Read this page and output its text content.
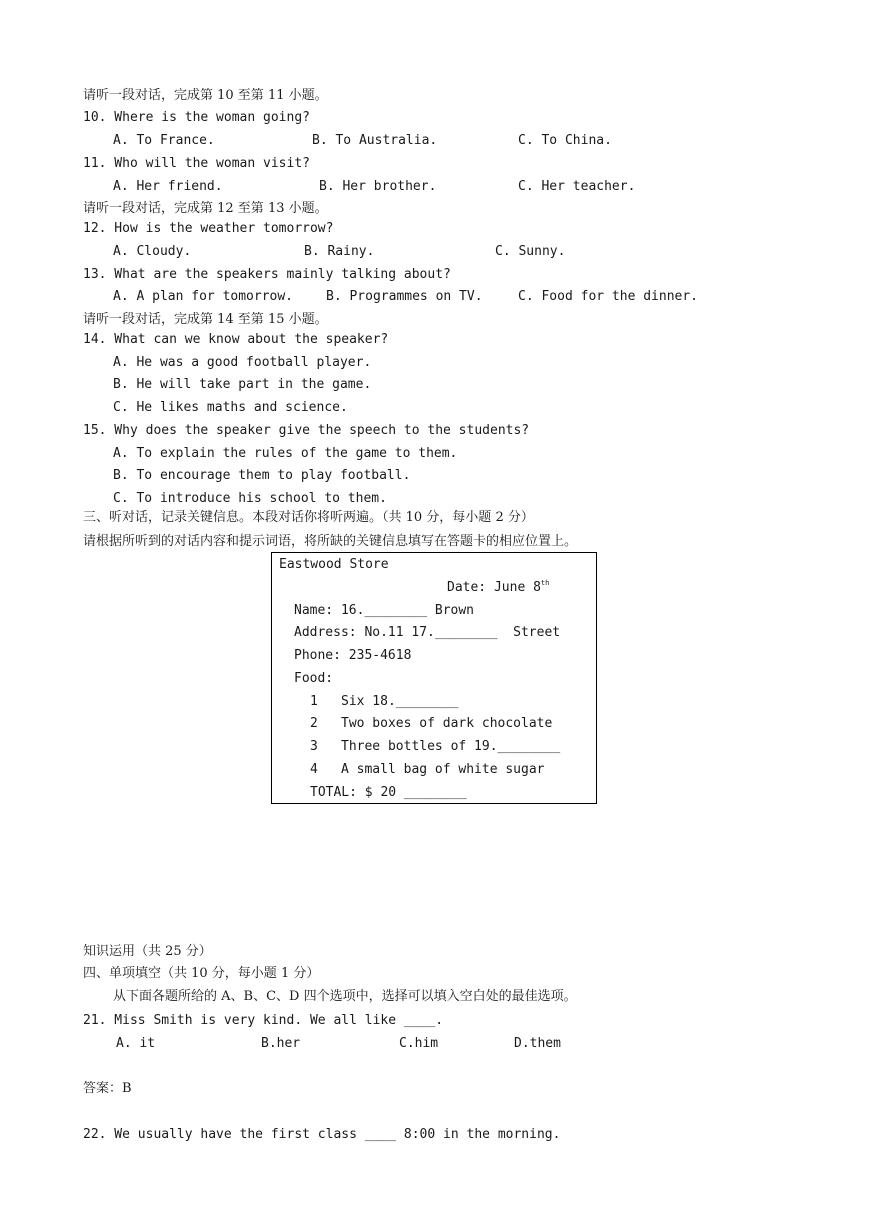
请听一段对话，完成第 10 至第 11 小题。
10. Where is the woman going?
A. To France.	B. To Australia.	C. To China.
11. Who will the woman visit?
A. Her friend.	B. Her brother.	C. Her teacher.
请听一段对话，完成第 12 至第 13 小题。
12. How is the weather tomorrow?
A. Cloudy.	B. Rainy.	C. Sunny.
13. What are the speakers mainly talking about?
A. A plan for tomorrow.	B. Programmes on TV.	C. Food for the dinner.
请听一段对话，完成第 14 至第 15 小题。
14. What can we know about the speaker?
A. He was a good football player.
B. He will take part in the game.
C. He likes maths and science.
15. Why does the speaker give the speech to the students?
A. To explain the rules of the game to them.
B. To encourage them to play football.
C. To introduce his school to them.
三、听对话，记录关键信息。本段对话你将听两遍。（共 10 分，每小题 2 分）
请根据所听到的对话内容和提示词语，将所缺的关键信息填写在答题卡的相应位置上。
Eastwood Store
Date: June 8th
Name: 16.________ Brown
Address: No.11 17.________  Street
Phone: 235-4618
Food:
1 Six 18.________
2 Two boxes of dark chocolate
3 Three bottles of 19.________
4 A small bag of white sugar
TOTAL: $ 20 ________
知识运用（共 25 分）
四、单项填空（共 10 分，每小题 1 分）
从下面各题所给的 A、B、C、D 四个选项中，选择可以填入空白处的最佳选项。
21. Miss Smith is very kind. We all like ____.
A. it	B.her	C.him	D.them
答案：B
22. We usually have the first class ____ 8:00 in the morning.
